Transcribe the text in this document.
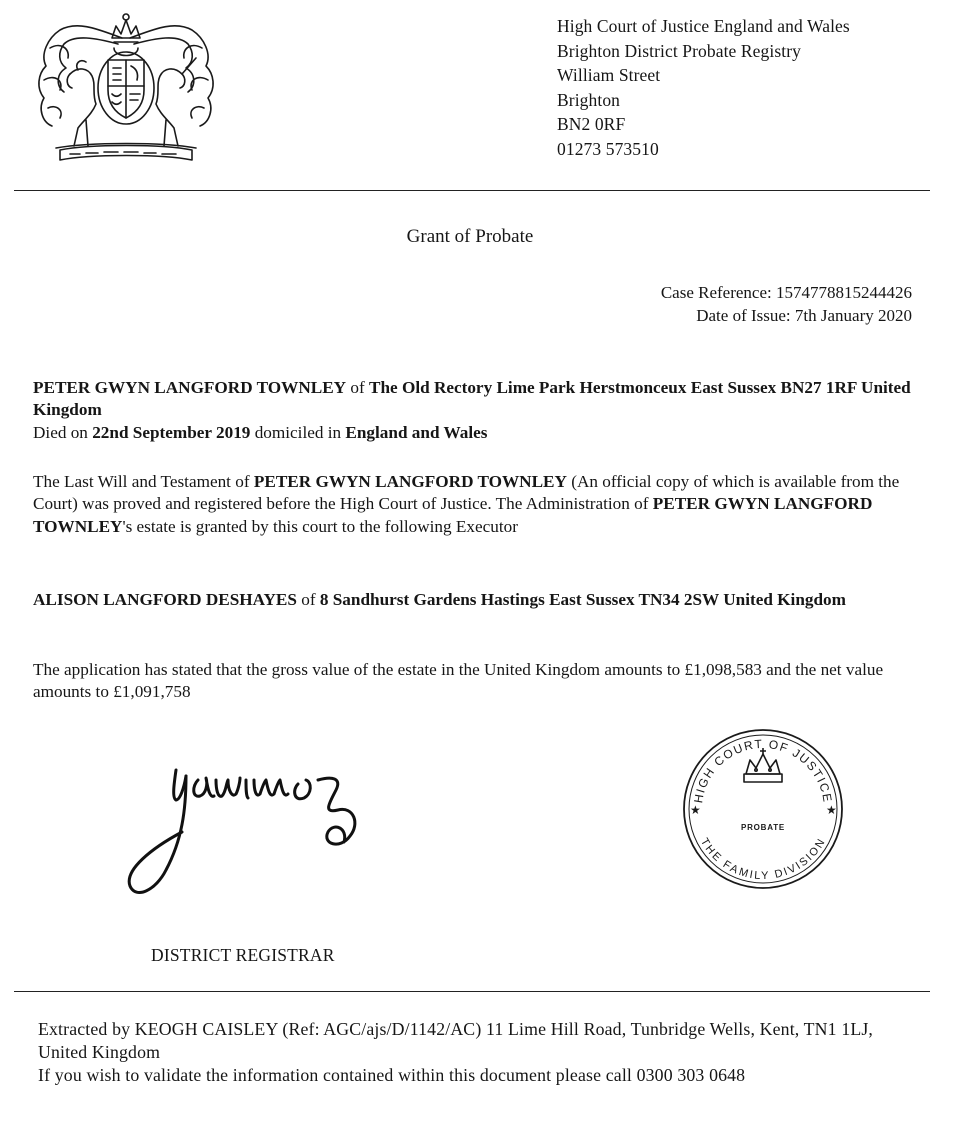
High Court of Justice England and Wales
Brighton District Probate Registry
William Street
Brighton
BN2 0RF
01273 573510
Grant of Probate
Case Reference: 1574778815244426
Date of Issue: 7th January 2020
PETER GWYN LANGFORD TOWNLEY of The Old Rectory Lime Park Herstmonceux East Sussex BN27 1RF United Kingdom
Died on 22nd September 2019 domiciled in England and Wales
The Last Will and Testament of PETER GWYN LANGFORD TOWNLEY (An official copy of which is available from the Court) was proved and registered before the High Court of Justice. The Administration of PETER GWYN LANGFORD TOWNLEY's estate is granted by this court to the following Executor
ALISON LANGFORD DESHAYES of 8 Sandhurst Gardens Hastings East Sussex TN34 2SW United Kingdom
The application has stated that the gross value of the estate in the United Kingdom amounts to £1,098,583 and the net value amounts to £1,091,758
HIGH COURT OF JUSTICE
THE FAMILY DIVISION
★	★
PROBATE
DISTRICT REGISTRAR
Extracted by KEOGH CAISLEY (Ref: AGC/ajs/D/1142/AC) 11 Lime Hill Road, Tunbridge Wells, Kent, TN1 1LJ, United Kingdom
If you wish to validate the information contained within this document please call 0300 303 0648
